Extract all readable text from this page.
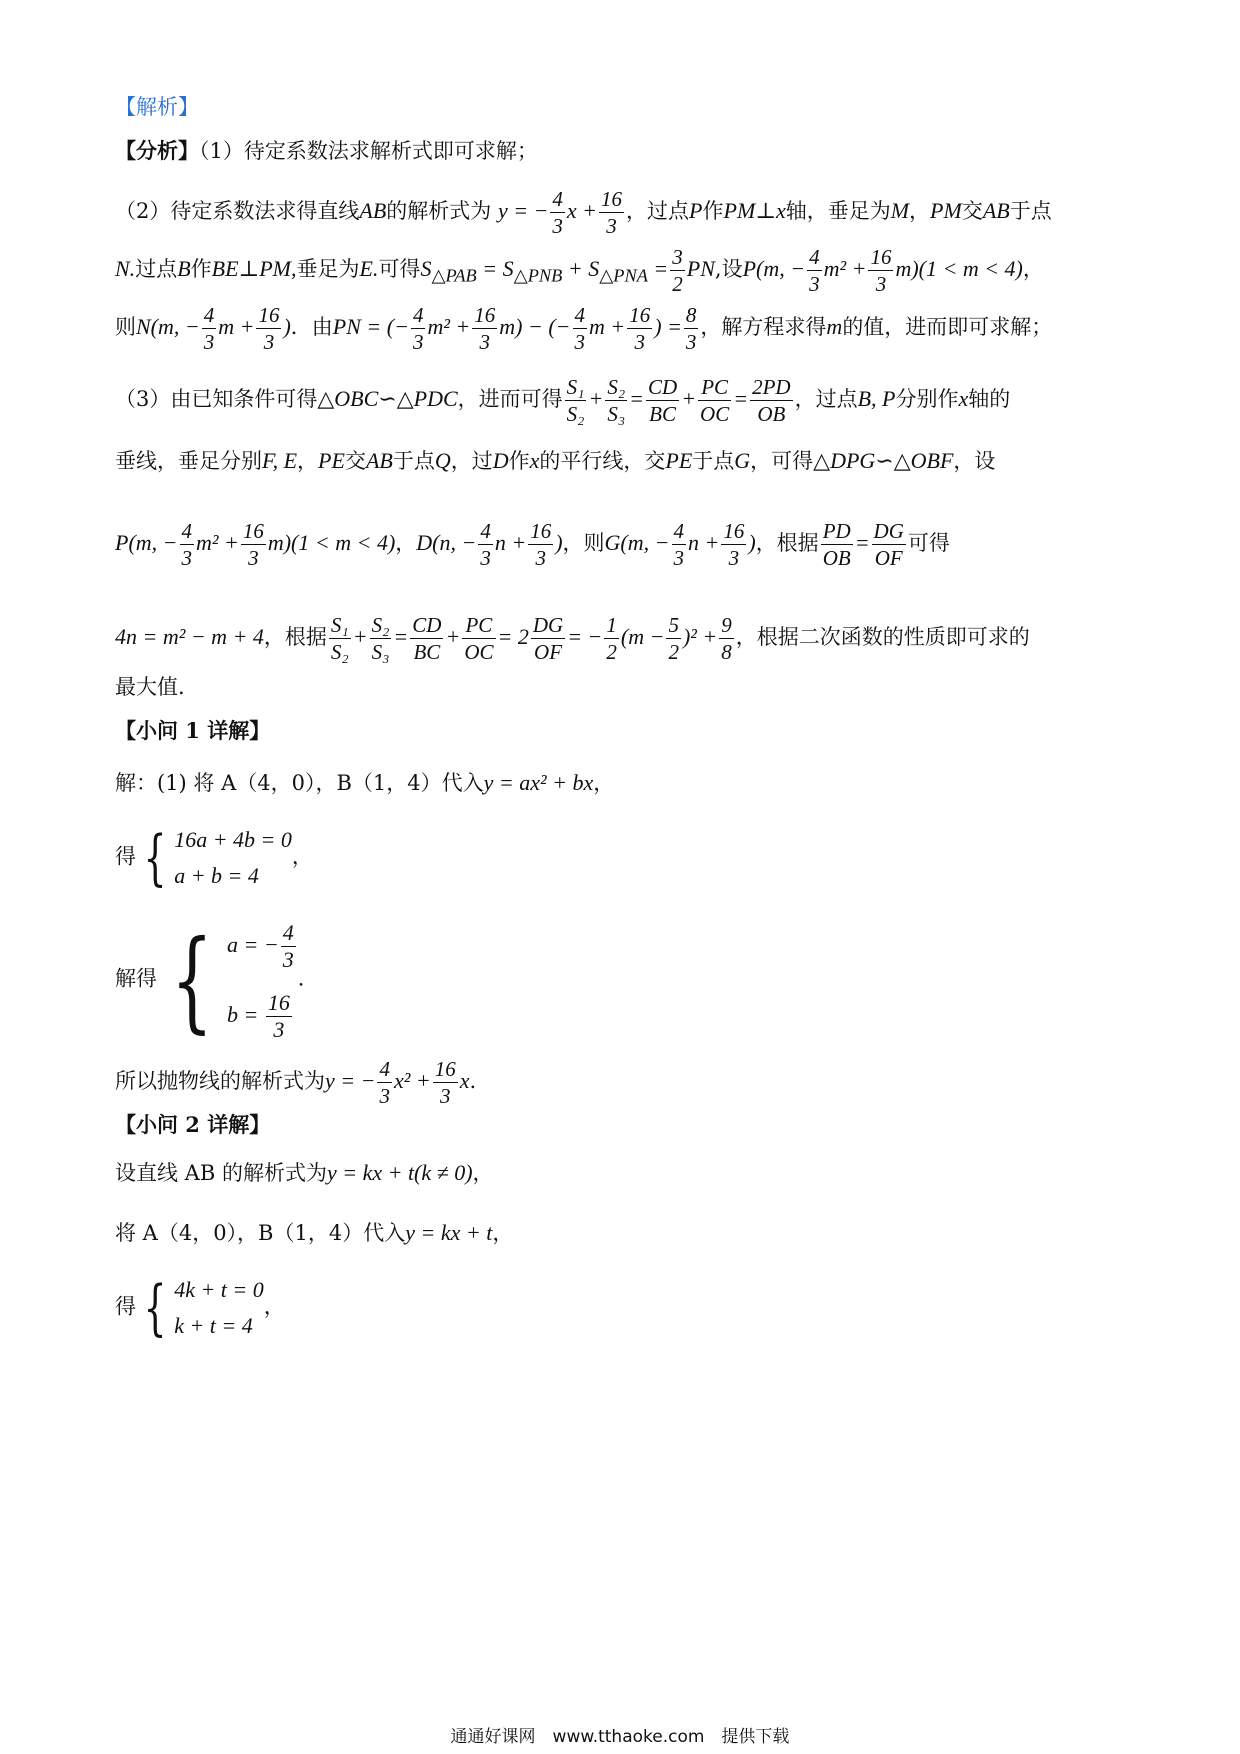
【解析】
【分析】（1）待定系数法求解析式即可求解；
（2）待定系数法求得直线AB的解析式为 y = − $\frac{4}{3}$ $x + \frac{16}{3}$ ，过点P作PM⊥x轴，垂足为M，PM交AB于点
N.过点B作BE⊥PM,垂足为E.可得$S_{\triangle PAB} = S_{\triangle PNB} + S_{\triangle PNA} = \frac{3}{2}$ PN,设P(m, − $\frac{4}{3} m^2 + \frac{16}{3} m)(1 < m < 4)$，
则N(m, − $\frac{4}{3}$ $m + \frac{16}{3}$ )．由PN = (− $\frac{4}{3} m^2 + \frac{16}{3} m$) − (− $\frac{4}{3}$ $m + \frac{16}{3}$ ) = $\frac{8}{3}$ ，解方程求得m的值，进而即可求解；
（3）由已知条件可得△OBC∽△PDC，进而可得 $\frac{\text{S₁}}{\text{S₂}} + \frac{\text{S₂}}{\text{S₃}} = \frac{CD}{BC} + \frac{PC}{OC} = \frac{2PD}{OB}$ ，过点B, P分别作x轴的
垂线，垂足分别F, E，PE交AB于点Q，过D作x的平行线，交PE于点G，可得△DPG∽△OBF，设
P(m, − $\frac{4}{3} m^2 + \frac{16}{3} m)(1 < m < 4)$，D(n, − $\frac{4}{3}$ $n + \frac{16}{3}$ )，则G(m, − $\frac{4}{3}$ $n + \frac{16}{3}$ )，根据 $\frac{PD}{OB} = \frac{DG}{OF}$ 可得
4n = m² − m + 4，根据 $\frac{\text{S₁}}{\text{S₂}} + \frac{\text{S₂}}{\text{S₃}} = \frac{CD}{BC} + \frac{PC}{OC} = 2 \frac{DG}{OF}$ = − $\frac{1}{2} (m - \frac{5}{2} )^2 + \frac{9}{8}$ ，根据二次函数的性质即可求的
最大值.
【小问 1 详解】
解：(1) 将 A（4，0），B（1，4）代入y = ax² + bx，
得 { 16a + 4b = 0
a + b = 4
，
解得 { a = − $\frac{4}{3}$
$b = \frac{16}{3}$
.
所以抛物线的解析式为y = − $\frac{4}{3} x^2 + \frac{16}{3} x$.
【小问 2 详解】
设直线 AB 的解析式为y = kx + t(k ≠ 0)，
将 A（4，0），B（1，4）代入y = kx + t，
得 { 4k + t = 0
k + t = 4
，
通通好课网　www.tthaoke.com　提供下载
